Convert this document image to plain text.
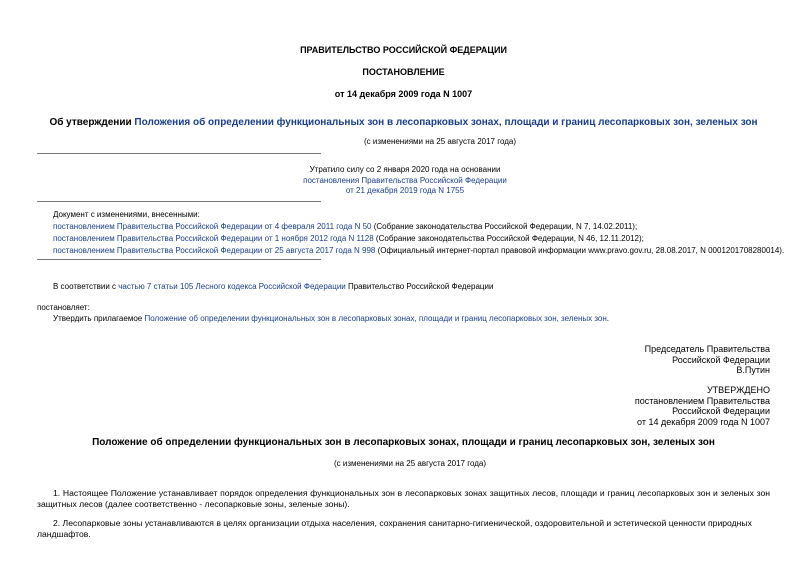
ПРАВИТЕЛЬСТВО РОССИЙСКОЙ ФЕДЕРАЦИИ
ПОСТАНОВЛЕНИЕ
от 14 декабря 2009 года N 1007
Об утверждении Положения об определении функциональных зон в лесопарковых зонах, площади и границ лесопарковых зон, зеленых зон
(с изменениями на 25 августа 2017 года)
Утратило силу со 2 января 2020 года на основании
постановления Правительства Российской Федерации
от 21 декабря 2019 года N 1755
Документ с изменениями, внесенными:
постановлением Правительства Российской Федерации от 4 февраля 2011 года N 50 (Собрание законодательства Российской Федерации, N 7, 14.02.2011);
постановлением Правительства Российской Федерации от 1 ноября 2012 года N 1128 (Собрание законодательства Российской Федерации, N 46, 12.11.2012);
постановлением Правительства Российской Федерации от 25 августа 2017 года N 998 (Официальный интернет-портал правовой информации www.pravo.gov.ru, 28.08.2017, N 0001201708280014).
В соответствии с частью 7 статьи 105 Лесного кодекса Российской Федерации Правительство Российской Федерации
постановляет:
Утвердить прилагаемое Положение об определении функциональных зон в лесопарковых зонах, площади и границ лесопарковых зон, зеленых зон.
Председатель Правительства
Российской Федерации
В.Путин
УТВЕРЖДЕНО
постановлением Правительства
Российской Федерации
от 14 декабря 2009 года N 1007
Положение об определении функциональных зон в лесопарковых зонах, площади и границ лесопарковых зон, зеленых зон
(с изменениями на 25 августа 2017 года)
1. Настоящее Положение устанавливает порядок определения функциональных зон в лесопарковых зонах защитных лесов, площади и границ лесопарковых зон и зеленых зон защитных лесов (далее соответственно - лесопарковые зоны, зеленые зоны).
2. Лесопарковые зоны устанавливаются в целях организации отдыха населения, сохранения санитарно-гигиенической, оздоровительной и эстетической ценности природных ландшафтов.
